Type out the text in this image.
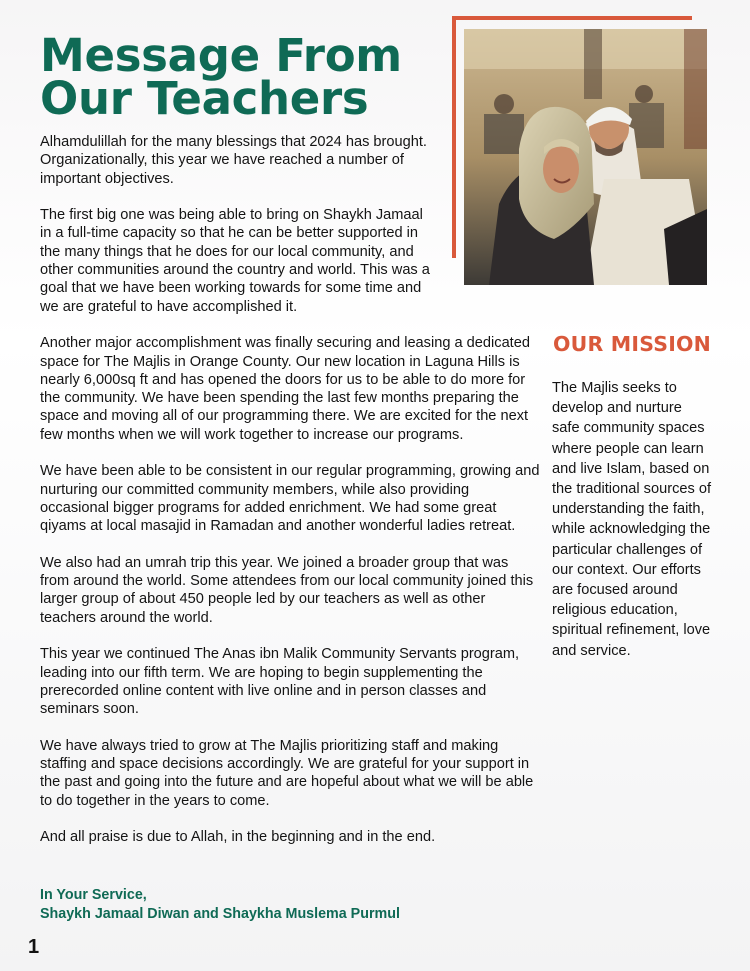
Message From
Our Teachers

Alhamdulillah for the many blessings that 2024 has brought. Organizationally, this year we have reached a number of important objectives.

The first big one was being able to bring on Shaykh Jamaal in a full-time capacity so that he can be better supported in the many things that he does for our local community, and other communities around the country and world. This was a goal that we have been working towards for some time and we are grateful to have accomplished it.

Another major accomplishment was finally securing and leasing a dedicated space for The Majlis in Orange County. Our new location in Laguna Hills is nearly 6,000sq ft and has opened the doors for us to be able to do more for the community. We have been spending the last few months preparing the space and moving all of our programming there. We are excited for the next few months when we will work together to increase our programs.

We have been able to be consistent in our regular programming, growing and nurturing our committed community members, while also providing occasional bigger programs for added enrichment. We had some great qiyams at local masajid in Ramadan and another wonderful ladies retreat.

We also had an umrah trip this year. We joined a broader group that was from around the world. Some attendees from our local community joined this larger group of about 450 people led by our teachers as well as other teachers around the world.

This year we continued The Anas ibn Malik Community Servants program, leading into our fifth term. We are hoping to begin supplementing the prerecorded online content with live online and in person classes and seminars soon.

We have always tried to grow at The Majlis prioritizing staff and making staffing and space decisions accordingly. We are grateful for your support in the past and going into the future and are hopeful about what we will be able to do together in the years to come.

And all praise is due to Allah, in the beginning and in the end.

OUR MISSION
The Majlis seeks to develop and nurture safe community spaces where people can learn and live Islam, based on the traditional sources of understanding the faith, while acknowledging the particular challenges of our context. Our efforts are focused around religious education, spiritual refinement, love and service.
In Your Service,
Shaykh Jamaal Diwan and Shaykha Muslema Purmul
1
